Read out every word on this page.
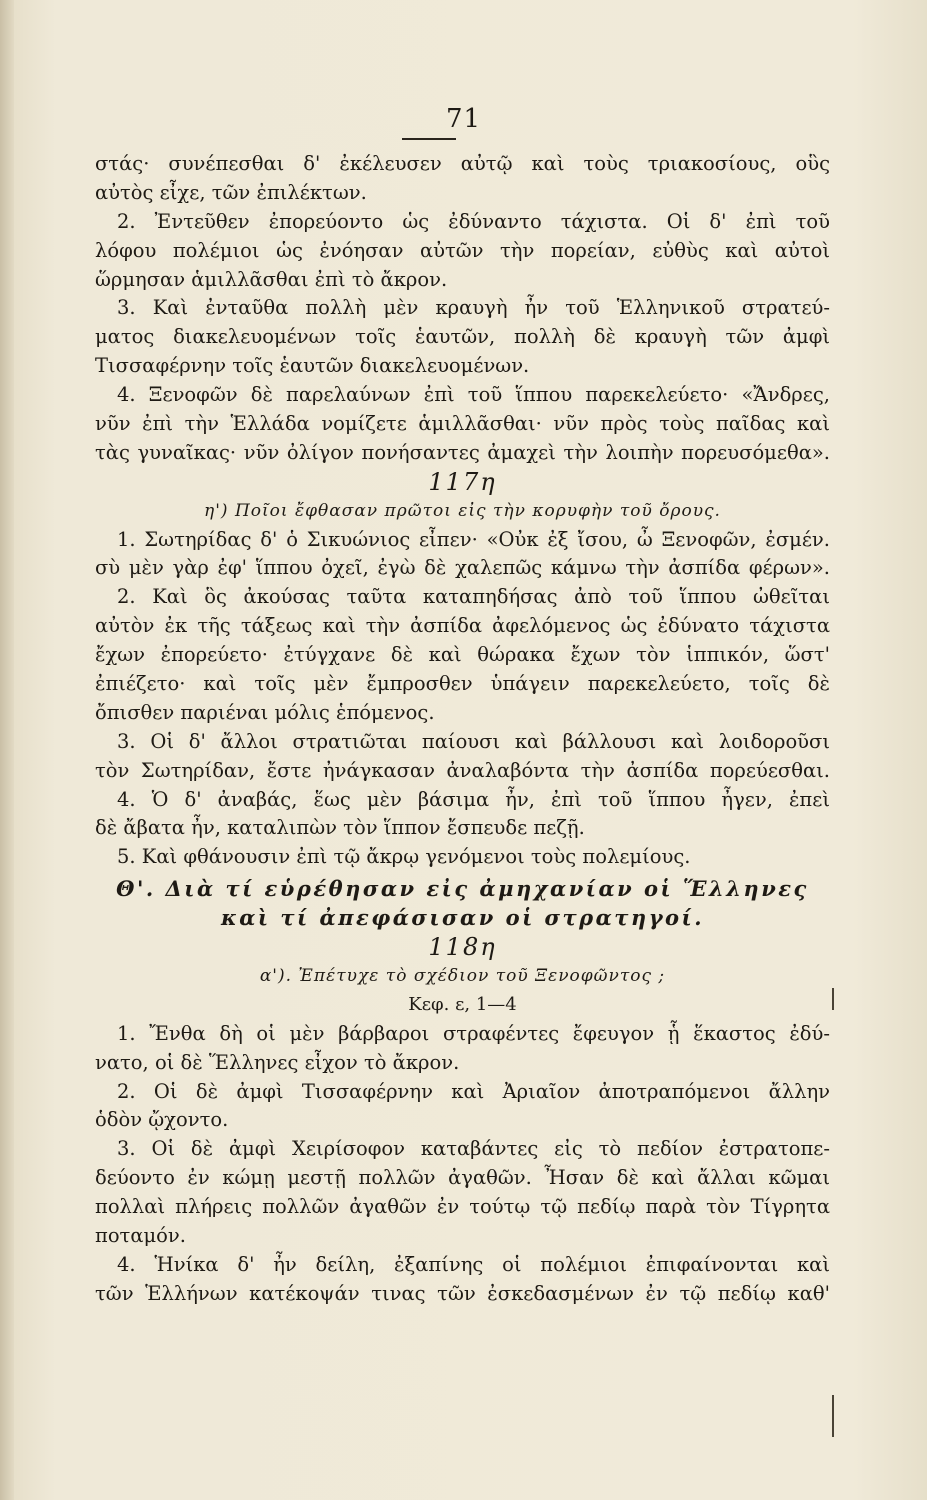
71
στάς· συνέπεσθαι δ' ἐκέλευσεν αὐτῷ καὶ τοὺς τριακοσίους, οὓς
αὐτὸς εἶχε, τῶν ἐπιλέκτων.
2. Ἐντεῦθεν ἐπορεύοντο ὡς ἐδύναντο τάχιστα. Οἱ δ' ἐπὶ τοῦ
λόφου πολέμιοι ὡς ἐνόησαν αὐτῶν τὴν πορείαν, εὐθὺς καὶ αὐτοὶ
ὥρμησαν ἁμιλλᾶσθαι ἐπὶ τὸ ἄκρον.
3. Καὶ ἐνταῦθα πολλὴ μὲν κραυγὴ ἦν τοῦ Ἑλληνικοῦ στρατεύ-
ματος διακελευομένων τοῖς ἑαυτῶν, πολλὴ δὲ κραυγὴ τῶν ἀμφὶ
Τισσαφέρνην τοῖς ἑαυτῶν διακελευομένων.
4. Ξενοφῶν δὲ παρελαύνων ἐπὶ τοῦ ἵππου παρεκελεύετο· «Ἄνδρες,
νῦν ἐπὶ τὴν Ἑλλάδα νομίζετε ἁμιλλᾶσθαι· νῦν πρὸς τοὺς παῖδας καὶ
τὰς γυναῖκας· νῦν ὀλίγον πονήσαντες ἀμαχεὶ τὴν λοιπὴν πορευσόμεθα».
117η
η') Ποῖοι ἔφθασαν πρῶτοι εἰς τὴν κορυφὴν τοῦ ὄρους.
1. Σωτηρίδας δ' ὁ Σικυώνιος εἶπεν· «Οὐκ ἐξ ἴσου, ὦ Ξενοφῶν, ἐσμέν.
σὺ μὲν γὰρ ἐφ' ἵππου ὀχεῖ, ἐγὼ δὲ χαλεπῶς κάμνω τὴν ἀσπίδα φέρων».
2. Καὶ ὃς ἀκούσας ταῦτα καταπηδήσας ἀπὸ τοῦ ἵππου ὠθεῖται
αὐτὸν ἐκ τῆς τάξεως καὶ τὴν ἀσπίδα ἀφελόμενος ὡς ἐδύνατο τάχιστα
ἔχων ἐπορεύετο· ἐτύγχανε δὲ καὶ θώρακα ἔχων τὸν ἱππικόν, ὥστ'
ἐπιέζετο· καὶ τοῖς μὲν ἔμπροσθεν ὑπάγειν παρεκελεύετο, τοῖς δὲ
ὄπισθεν παριέναι μόλις ἑπόμενος.
3. Οἱ δ' ἄλλοι στρατιῶται παίουσι καὶ βάλλουσι καὶ λοιδοροῦσι
τὸν Σωτηρίδαν, ἔστε ἠνάγκασαν ἀναλαβόντα τὴν ἀσπίδα πορεύεσθαι.
4. Ὁ δ' ἀναβάς, ἕως μὲν βάσιμα ἦν, ἐπὶ τοῦ ἵππου ἦγεν, ἐπεὶ
δὲ ἄβατα ἦν, καταλιπὼν τὸν ἵππον ἔσπευδε πεζῇ.
5. Καὶ φθάνουσιν ἐπὶ τῷ ἄκρῳ γενόμενοι τοὺς πολεμίους.
Θ'. Διὰ τί εὑρέθησαν εἰς ἀμηχανίαν οἱ Ἕλληνες
καὶ τί ἀπεφάσισαν οἱ στρατηγοί.
118η
α'). Ἐπέτυχε τὸ σχέδιον τοῦ Ξενοφῶντος ;
Κεφ. ε, 1—4
1. Ἔνθα δὴ οἱ μὲν βάρβαροι στραφέντες ἔφευγον ᾗ ἕκαστος ἐδύ-
νατο, οἱ δὲ Ἕλληνες εἶχον τὸ ἄκρον.
2. Οἱ δὲ ἀμφὶ Τισσαφέρνην καὶ Ἀριαῖον ἀποτραπόμενοι ἄλλην
ὁδὸν ᾤχοντο.
3. Οἱ δὲ ἀμφὶ Χειρίσοφον καταβάντες εἰς τὸ πεδίον ἐστρατοπε-
δεύοντο ἐν κώμῃ μεστῇ πολλῶν ἀγαθῶν. Ἦσαν δὲ καὶ ἄλλαι κῶμαι
πολλαὶ πλήρεις πολλῶν ἀγαθῶν ἐν τούτῳ τῷ πεδίῳ παρὰ τὸν Τίγρητα
ποταμόν.
4. Ἡνίκα δ' ἦν δείλη, ἐξαπίνης οἱ πολέμιοι ἐπιφαίνονται καὶ
τῶν Ἑλλήνων κατέκοψάν τινας τῶν ἐσκεδασμένων ἐν τῷ πεδίῳ καθ'
